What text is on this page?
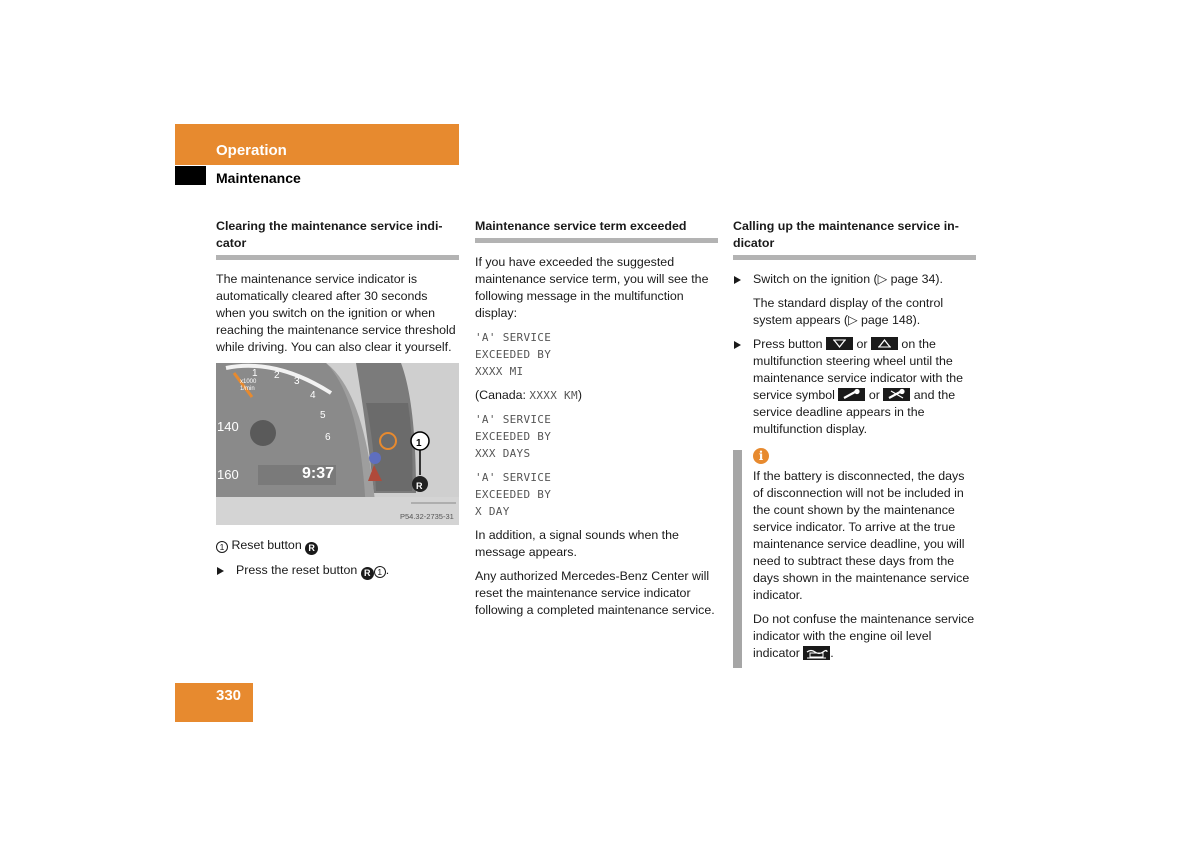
Operation
Maintenance
Clearing the maintenance service indi-
cator

The maintenance service indicator is automatically cleared after 30 seconds when you switch on the ignition or when reaching the maintenance service threshold while driving. You can also clear it yourself.

1 2
3
4
5
6
x1000 1/min
140
160	9:37
1
R
P54.32-2735-31

1 Reset button R

Press the reset button R 1 .
Maintenance service term exceeded

If you have exceeded the suggested maintenance service term, you will see the following message in the multifunction display:

'A' SERVICE
EXCEEDED BY
XXXX MI

(Canada: XXXX KM)

'A' SERVICE
EXCEEDED BY
XXX DAYS
'A' SERVICE
EXCEEDED BY
X DAY

In addition, a signal sounds when the message appears.

Any authorized Mercedes-Benz Center will reset the maintenance service indicator following a completed maintenance service.

Calling up the maintenance service in-
dicator
Switch on the ignition (▷ page 34).

The standard display of the control system appears (▷ page 148).

Press button	or	on the multifunction steering wheel until the maintenance service indicator with the service symbol	or	and the service deadline appears in the multifunction display.
i

If the battery is disconnected, the days of disconnection will not be included in the count shown by the maintenance service indicator. To arrive at the true maintenance service deadline, you will need to subtract these days from the days shown in the maintenance service indicator.

Do not confuse the maintenance service indicator with the engine oil level indicator .

330
